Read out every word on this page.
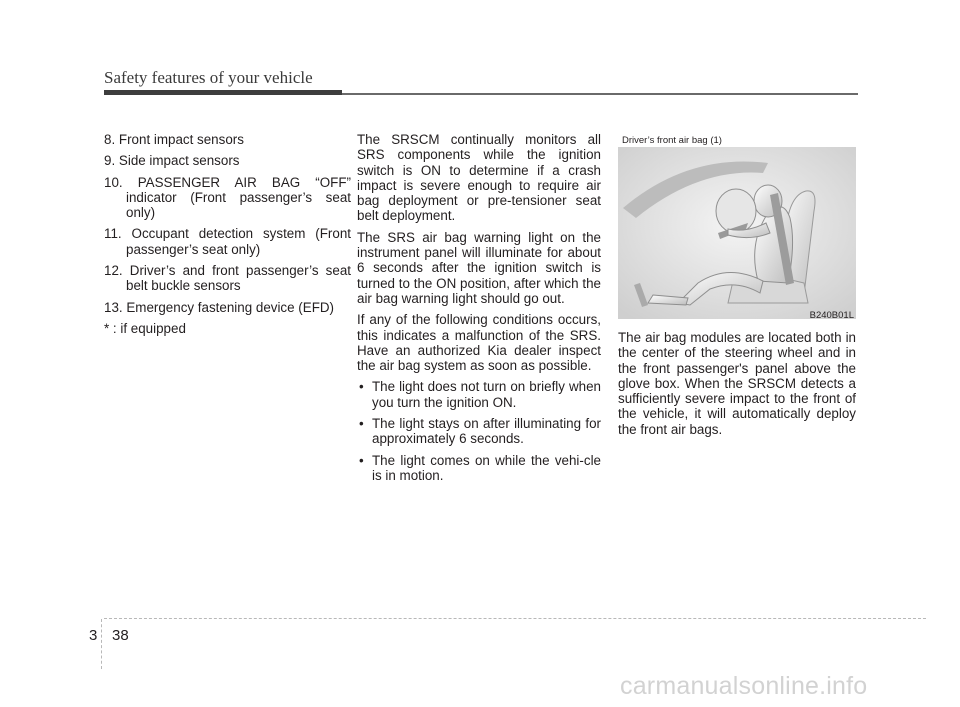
Safety features of your vehicle

8. Front impact sensors

9. Side impact sensors

10. PASSENGER AIR BAG “OFF” indicator (Front passenger’s seat only)
11. Occupant detection system (Front passenger’s seat only)
12. Driver’s and front passenger’s seat belt buckle sensors
13. Emergency fastening device (EFD)

* : if equipped

The SRSCM continually monitors all SRS components while the ignition switch is ON to determine if a crash impact is severe enough to require air bag deployment or pre-tensioner seat belt deployment.

The SRS air bag warning light on the instrument panel will illuminate for about 6 seconds after the ignition switch is turned to the ON position, after which the air bag warning light should go out.

If any of the following conditions occurs, this indicates a malfunction of the SRS. Have an authorized Kia dealer inspect the air bag system as soon as possible.

• The light does not turn on briefly when you turn the ignition ON.
• The light stays on after illuminating for approximately 6 seconds.
• The light comes on while the vehi-cle is in motion.
Driver’s front air bag (1)
B240B01L

The air bag modules are located both in the center of the steering wheel and in the front passenger's panel above the glove box. When the SRSCM detects a sufficiently severe impact to the front of the vehicle, it will automatically deploy the front air bags.

3 38
carmanualsonline.info
